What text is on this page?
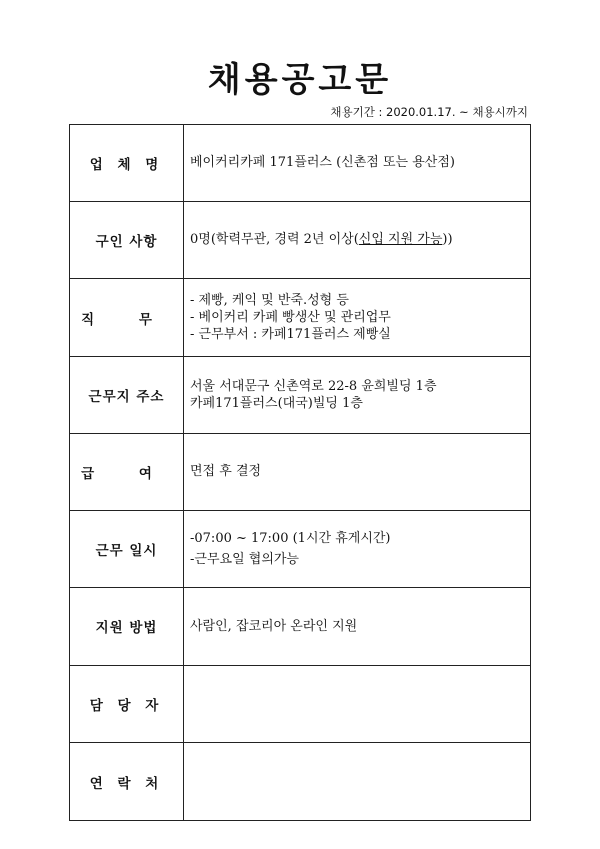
채용공고문
채용기간 : 2020.01.17. ~ 채용시까지
업 체 명	베이커리카페 171플러스 (신촌점 또는 용산점)
구인 사항	0명(학력무관, 경력 2년 이상(신입 지원 가능))
직 무	- 제빵, 케익 및 반죽.성형 등
- 베이커리 카페 빵생산 및 관리업무
- 근무부서 : 카페171플러스 제빵실

근무지 주소	서울 서대문구 신촌역로 22-8 윤희빌딩 1층
카페171플러스(대국)빌딩 1층

급 여	면접 후 결정
근무 일시	-07:00 ~ 17:00 (1시간 휴게시간)
-근무요일 협의가능

지원 방법	사람인, 잡코리아 온라인 지원
담 당 자	
연 락 처	
